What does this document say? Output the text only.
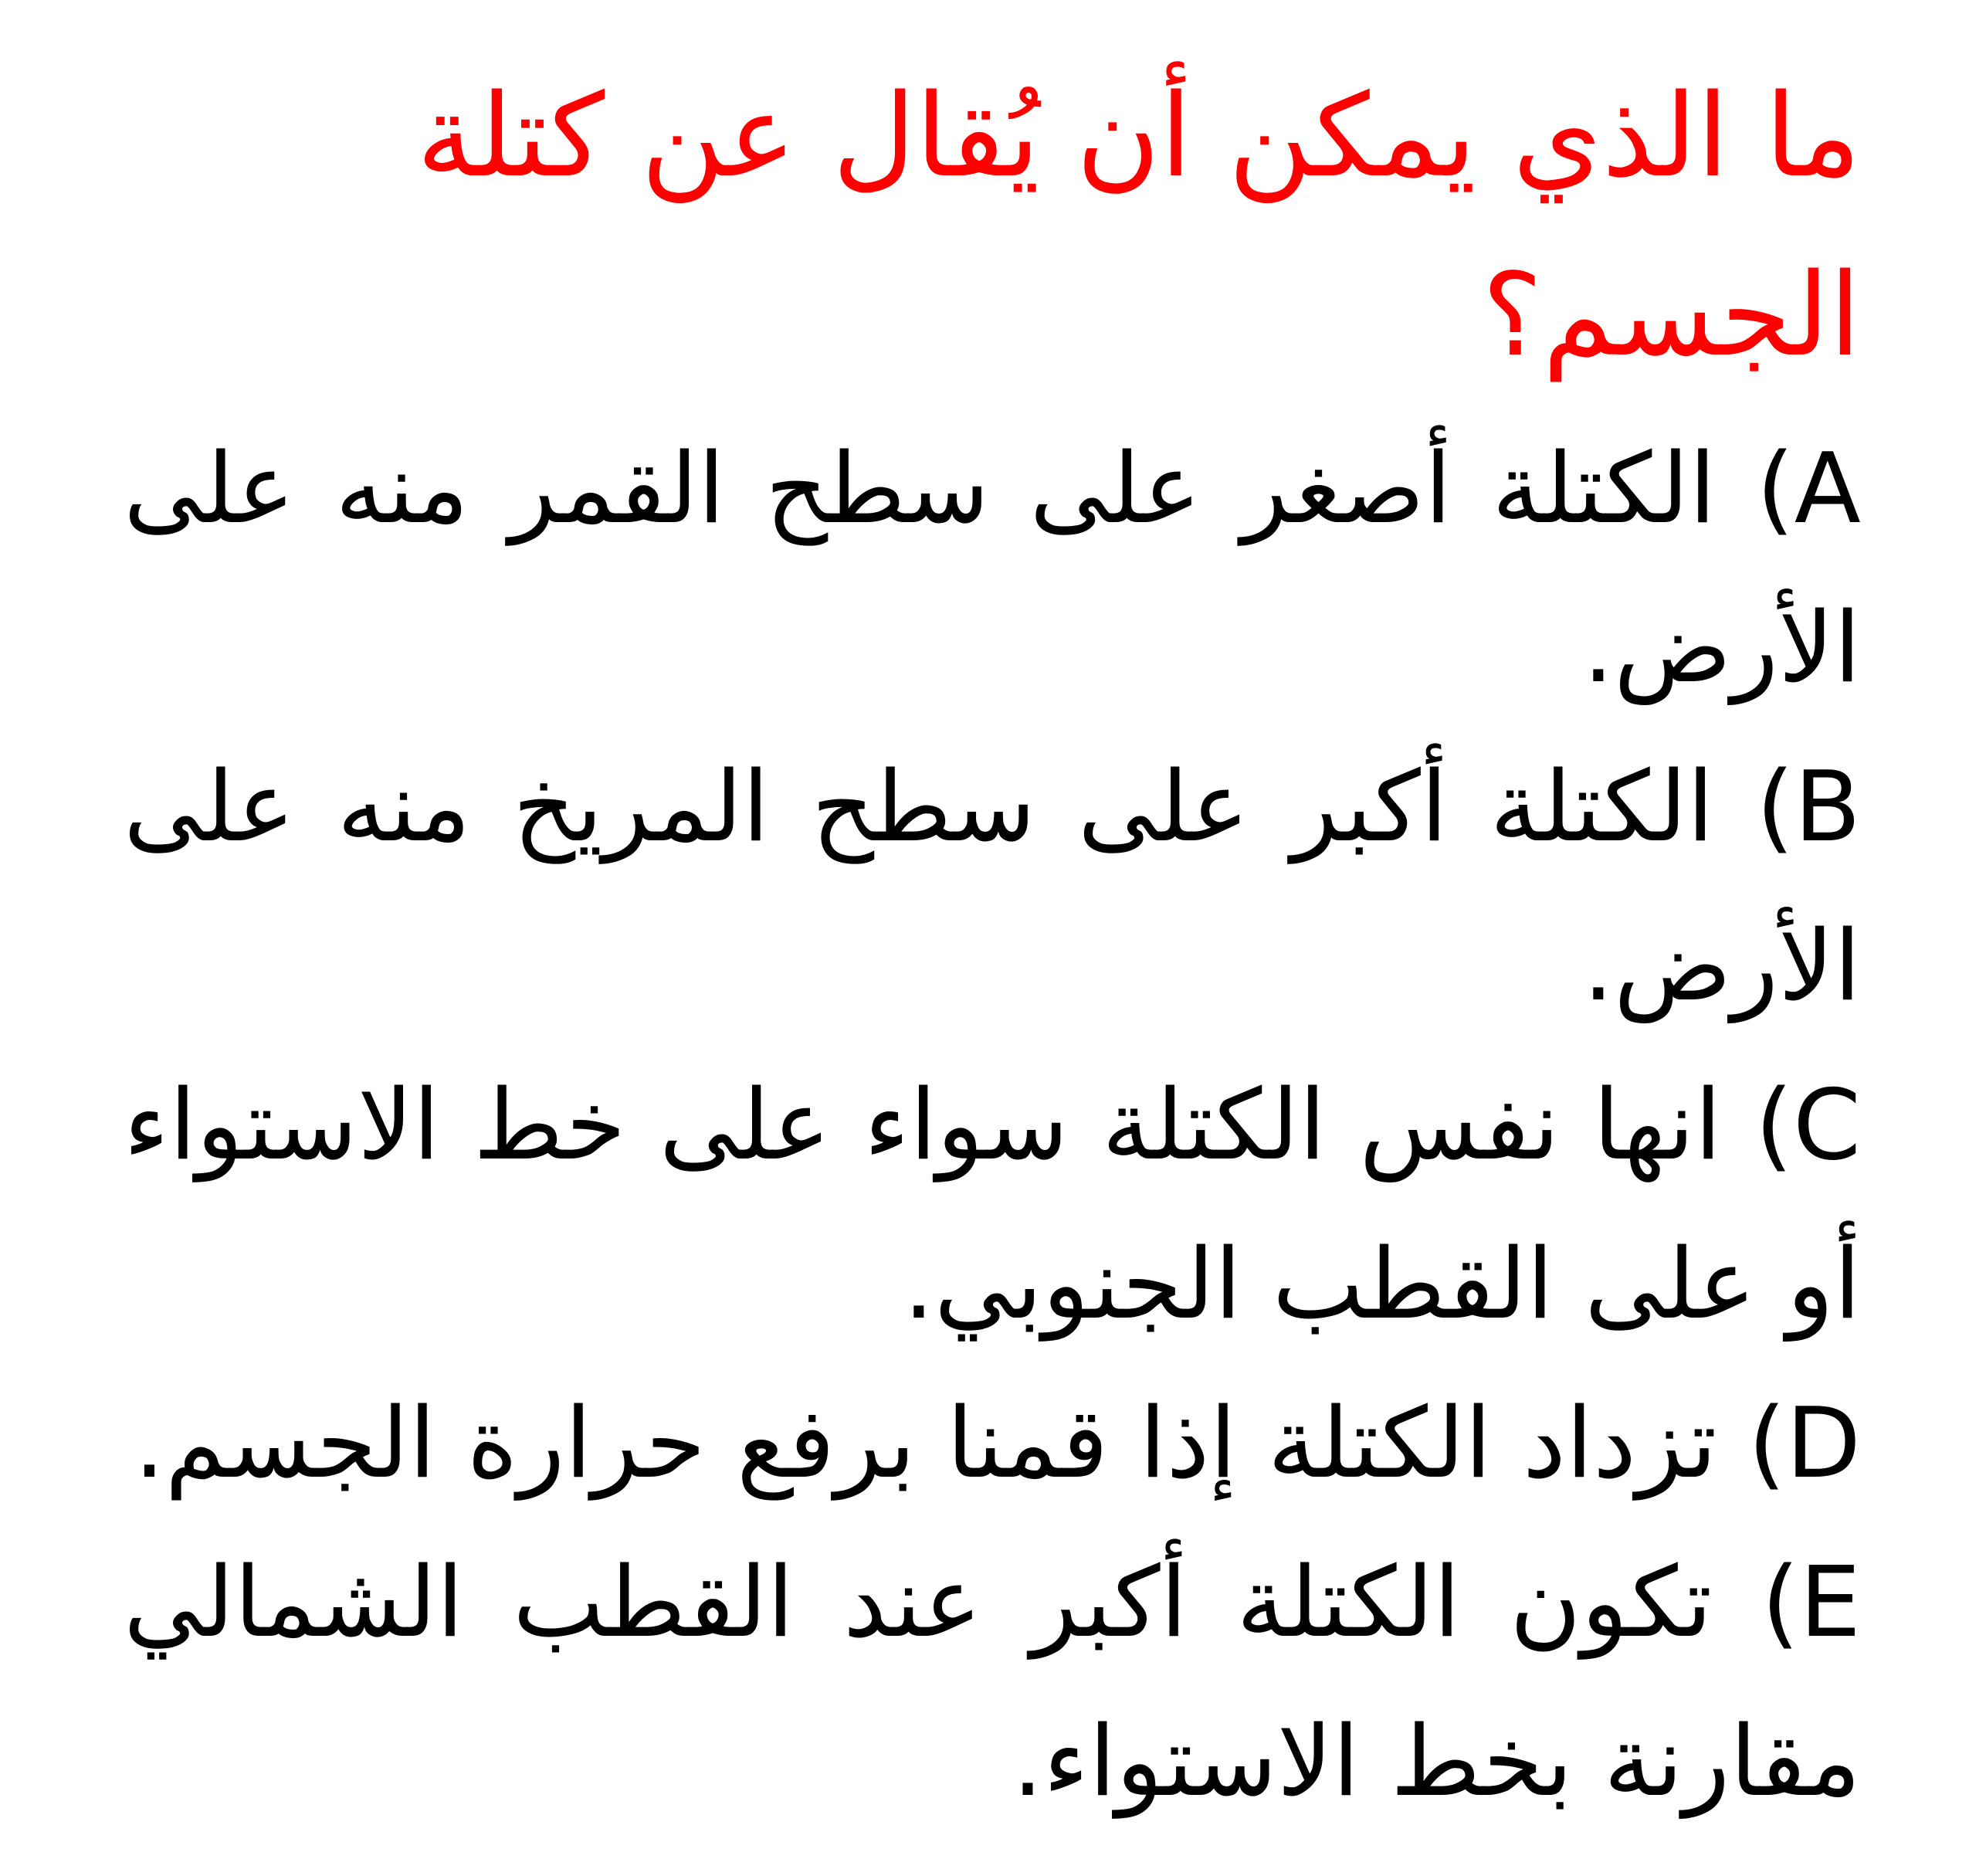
ما الذي يمكن أن يُقال عن كتلة الجسم؟
A) الكتلة أصغر على سطح القمر منه على الأرض.
B) الكتلة أكبر على سطح المريخ منه على الأرض.
C) انها نفس الكتلة سواء على خط الاستواء أو على القطب الجنوبي.
D) تزداد الكتلة إذا قمنا برفع حرارة الجسم.
E) تكون الكتلة أكبر عند القطب الشمالي مقارنة بخط الاستواء.
